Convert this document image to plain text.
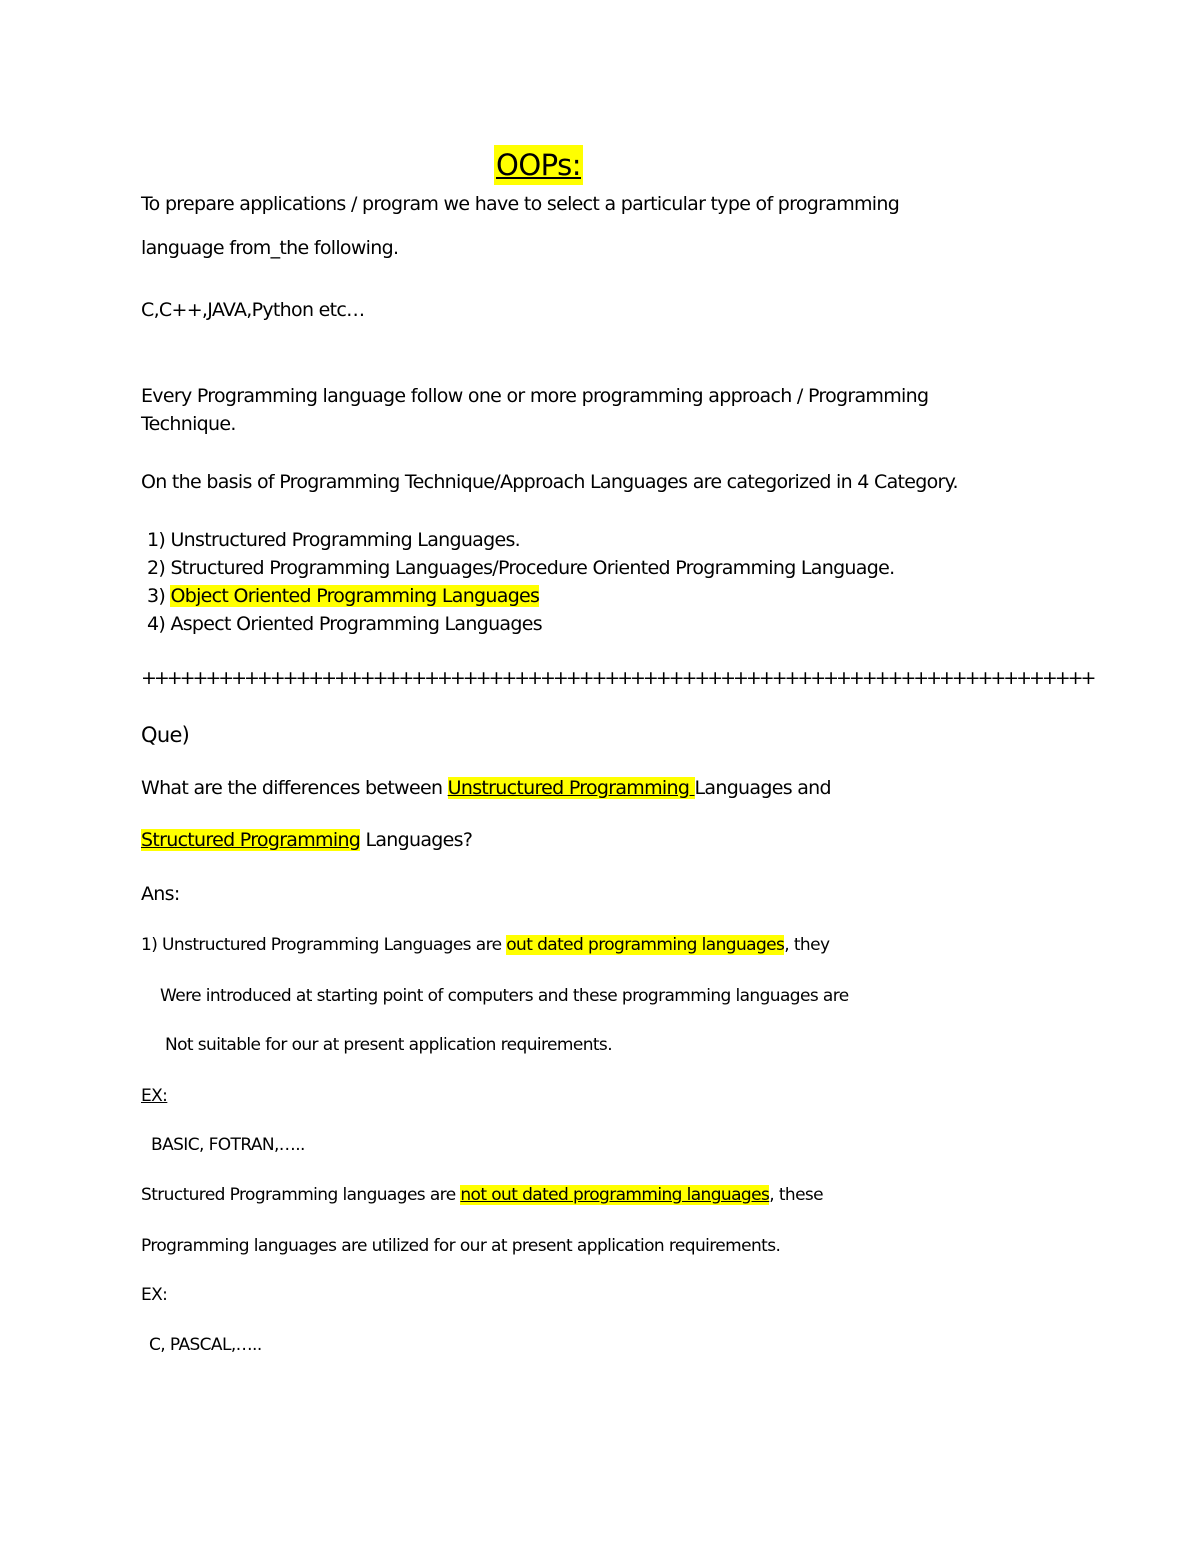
OOPs:
To prepare applications / program we have to select a particular type of programming
language from_the following.
C,C++,JAVA,Python etc…
Every Programming language follow one or more programming approach / Programming
Technique.
On the basis of Programming Technique/Approach Languages are categorized in 4 Category.
1) Unstructured Programming Languages.
2) Structured Programming Languages/Procedure Oriented Programming Language.
3) Object Oriented Programming Languages
4) Aspect Oriented Programming Languages
++++++++++++++++++++++++++++++++++++++++++++++++++++++++++++++++++++++++++
Que)
What are the differences between Unstructured Programming Languages and
Structured Programming Languages?
Ans:
1) Unstructured Programming Languages are out dated programming languages, they
Were introduced at starting point of computers and these programming languages are
Not suitable for our at present application requirements.
EX:
BASIC, FOTRAN,…..
Structured Programming languages are not out dated programming languages, these
Programming languages are utilized for our at present application requirements.
EX:
C, PASCAL,…..
